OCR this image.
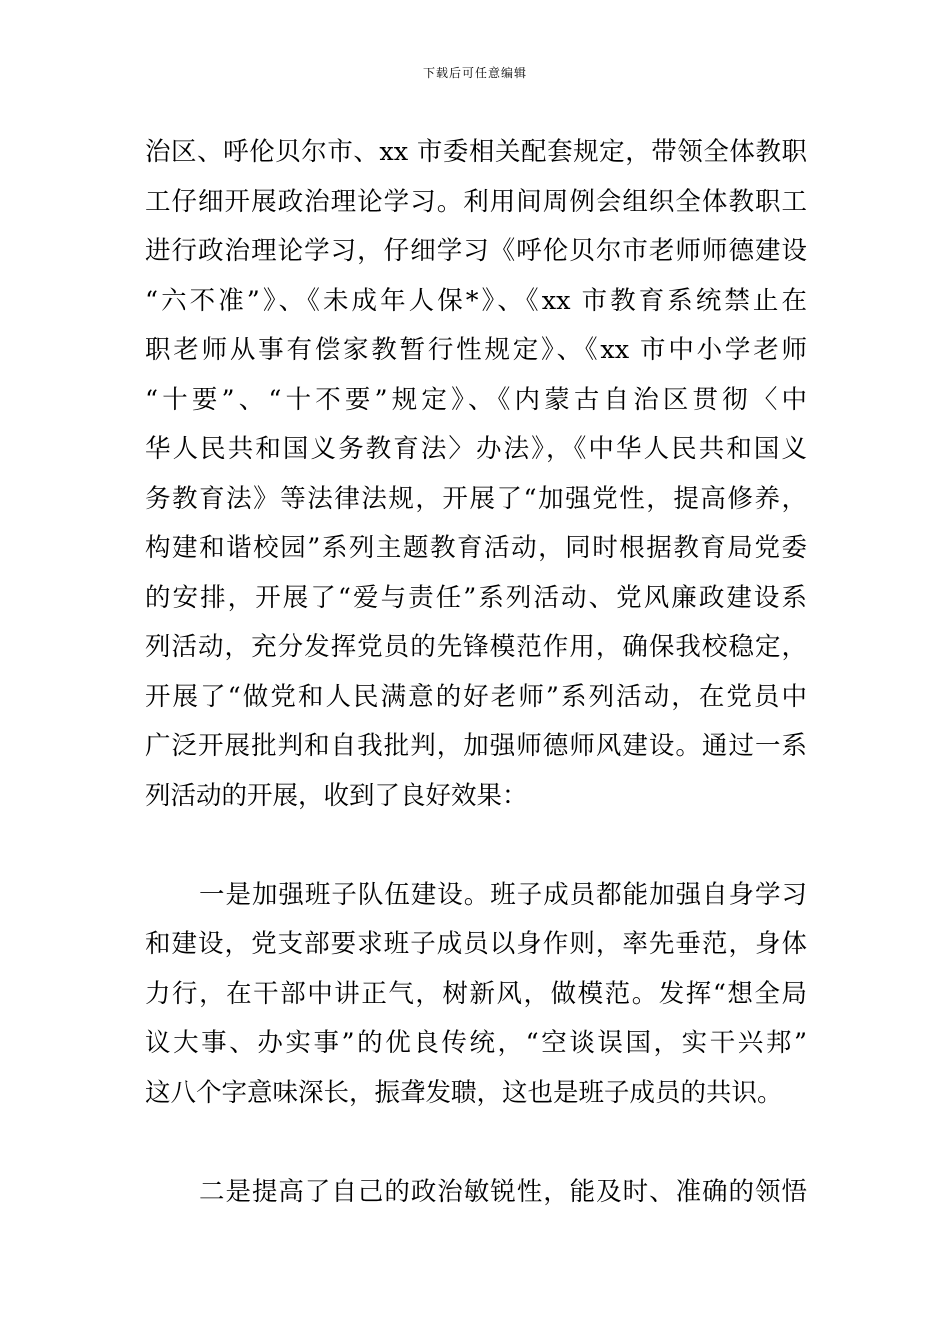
下载后可任意编辑
治区、呼伦贝尔市、xx 市委相关配套规定，带领全体教职
工仔细开展政治理论学习。利用间周例会组织全体教职工
进行政治理论学习，仔细学习《呼伦贝尔市老师师德建设
“六不准”》、《未成年人保*》、《xx 市教育系统禁止在
职老师从事有偿家教暂行性规定》、《xx 市中小学老师
“十要”、“十不要”规定》、《内蒙古自治区贯彻〈中
华人民共和国义务教育法〉办法》，《中华人民共和国义
务教育法》等法律法规，开展了“加强党性，提高修养，
构建和谐校园”系列主题教育活动，同时根据教育局党委
的安排，开展了“爱与责任”系列活动、党风廉政建设系
列活动，充分发挥党员的先锋模范作用，确保我校稳定，
开展了“做党和人民满意的好老师”系列活动，在党员中
广泛开展批判和自我批判，加强师德师风建设。通过一系
列活动的开展，收到了良好效果：
一是加强班子队伍建设。班子成员都能加强自身学习
和建设，党支部要求班子成员以身作则，率先垂范，身体
力行，在干部中讲正气，树新风，做模范。发挥“想全局
议大事、办实事”的优良传统，“空谈误国，实干兴邦”
这八个字意味深长，振聋发聩，这也是班子成员的共识。
二是提高了自己的政治敏锐性，能及时、准确的领悟
